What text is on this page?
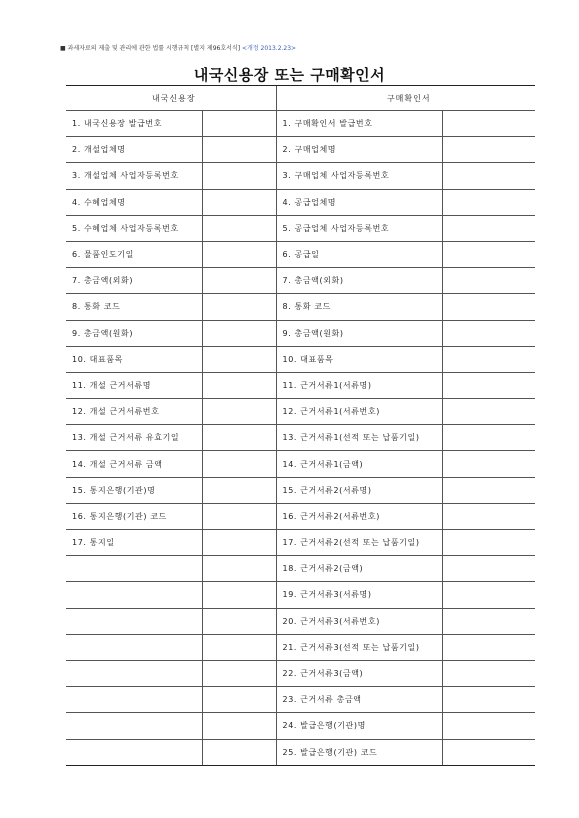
■ 과세자료의 제출 및 관리에 관한 법률 시행규칙 [별지 제96호서식] <개정 2013.2.23>
내국신용장 또는 구매확인서
내국신용장		구매확인서	
1. 내국신용장 발급번호		1. 구매확인서 발급번호	
2. 개설업체명		2. 구매업체명	
3. 개설업체 사업자등록번호		3. 구매업체 사업자등록번호	
4. 수혜업체명		4. 공급업체명	
5. 수혜업체 사업자등록번호		5. 공급업체 사업자등록번호	
6. 물품인도기일		6. 공급일	
7. 총금액(외화)		7. 총금액(외화)	
8. 통화 코드		8. 통화 코드	
9. 총금액(원화)		9. 총금액(원화)	
10. 대표품목		10. 대표품목	
11. 개설 근거서류명		11. 근거서류1(서류명)	
12. 개설 근거서류번호		12. 근거서류1(서류번호)	
13. 개설 근거서류 유효기일		13. 근거서류1(선적 또는 납품기일)	
14. 개설 근거서류 금액		14. 근거서류1(금액)	
15. 통지은행(기관)명		15. 근거서류2(서류명)	
16. 통지은행(기관) 코드		16. 근거서류2(서류번호)	
17. 통지일		17. 근거서류2(선적 또는 납품기일)	
		18. 근거서류2(금액)	
		19. 근거서류3(서류명)	
		20. 근거서류3(서류번호)	
		21. 근거서류3(선적 또는 납품기일)	
		22. 근거서류3(금액)	
		23. 근거서류 총금액	
		24. 발급은행(기관)명	
		25. 발급은행(기관) 코드	
